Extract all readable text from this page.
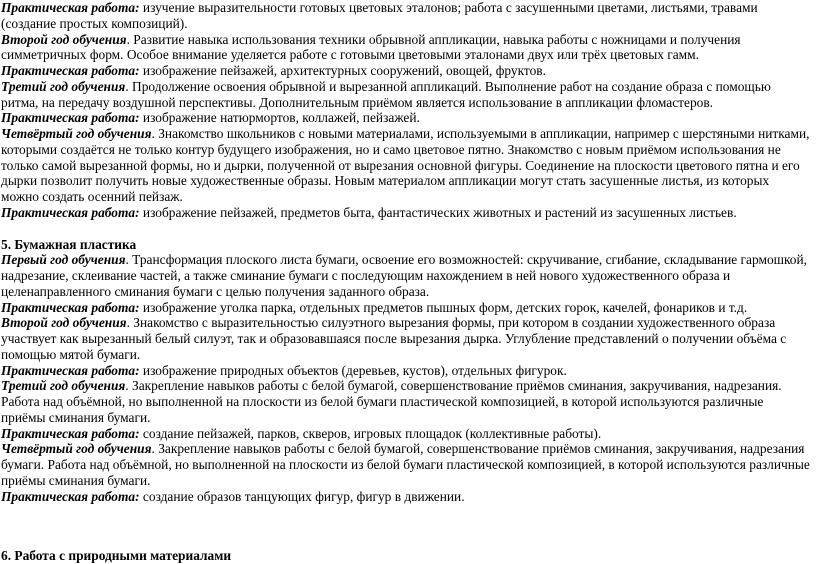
Практическая работа: изучение выразительности готовых цветовых эталонов; работа с засушенными цветами, листьями, травами (создание простых композиций).

Второй год обучения. Развитие навыка использования техники обрывной аппликации, навыка работы с ножницами и получения симметричных форм. Особое внимание уделяется работе с готовыми цветовыми эталонами двух или трёх цветовых гамм.

Практическая работа: изображение пейзажей, архитектурных сооружений, овощей, фруктов.

Третий год обучения. Продолжение освоения обрывной и вырезанной аппликаций. Выполнение работ на создание образа с помощью ритма, на передачу воздушной перспективы. Дополнительным приёмом является использование в аппликации фломастеров.

Практическая работа: изображение натюрмортов, коллажей, пейзажей.

Четвёртый год обучения. Знакомство школьников с новыми материалами, используемыми в аппликации, например с шерстяными нитками, которыми создаётся не только контур будущего изображения, но и само цветовое пятно. Знакомство с новым приёмом использования не только самой вырезанной формы, но и дырки, полученной от вырезания основной фигуры. Соединение на плоскости цветового пятна и его дырки позволит получить новые художественные образы. Новым материалом аппликации могут стать засушенные листья, из которых можно создать осенний пейзаж.

Практическая работа: изображение пейзажей, предметов быта, фантастических животных и растений из засушенных листьев.

5. Бумажная пластика

Первый год обучения. Трансформация плоского листа бумаги, освоение его возможностей: скручивание, сгибание, складывание гармошкой, надрезание, склеивание частей, а также сминание бумаги с последующим нахождением в ней нового художественного образа и целенаправленного сминания бумаги с целью получения заданного образа.

Практическая работа: изображение уголка парка, отдельных предметов пышных форм, детских горок, качелей, фонариков и т.д.

Второй год обучения. Знакомство с выразительностью силуэтного вырезания формы, при котором в создании художественного образа участвует как вырезанный белый силуэт, так и образовавшаяся после вырезания дырка. Углубление представлений о получении объёма с помощью мятой бумаги.

Практическая работа: изображение природных объектов (деревьев, кустов), отдельных фигурок.

Третий год обучения. Закрепление навыков работы с белой бумагой, совершенствование приёмов сминания, закручивания, надрезания. Работа над объёмной, но выполненной на плоскости из белой бумаги пластической композицией, в которой используются различные приёмы сминания бумаги.

Практическая работа: создание пейзажей, парков, скверов, игровых площадок (коллективные работы).

Четвёртый год обучения. Закрепление навыков работы с белой бумагой, совершенствование приёмов сминания, закручивания, надрезания бумаги. Работа над объёмной, но выполненной на плоскости из белой бумаги пластической композицией, в которой используются различные приёмы сминания бумаги.

Практическая работа: создание образов танцующих фигур, фигур в движении.

6. Работа с природными материалами
